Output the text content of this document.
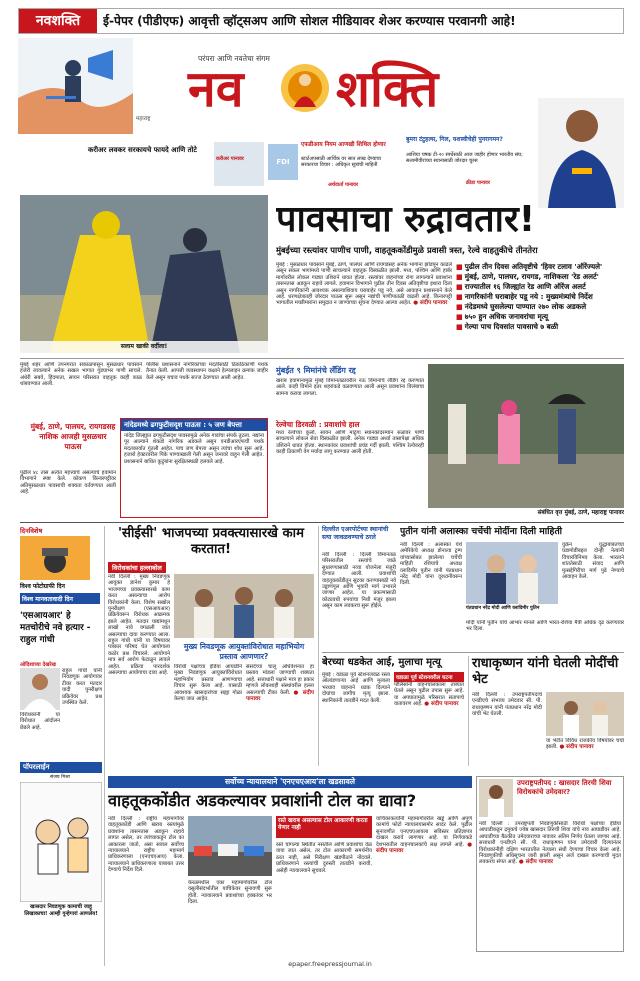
नवशक्ति	ई-पेपर (पीडीएफ) आवृत्ती व्हॉट्सअप आणि सोशल मीडियावर शेअर करण्यास परवानगी आहे!
परंपरा आणि नवतेचा संगम
नव शक्ति
महाराष्ट्र
करीअर लवकर सरकायचे फायदे आणि तोटे
करीअर पानावर	FDI
एफडीआय नियम आणखी शिथिल होणार
स्टार्टअपसाठी आर्थिक वर सात लाख देण्याचा सरकारचा विचार : अधिकृत सूत्रांची माहिती
अर्थवार्ता पानावर
बुमरा टंटुहल्स, गिल, यशस्वीचेही पुनरागमन?
आशिया चषक टी-२० स्पर्धेसाठी आज जाहीर होणार भारतीय संघ; सलामीवीरांच्या स्थानासाठी जोरदार चुरस
क्रीडा पानावर
सलाम खाकी वर्दीला!
पावसाचा रुद्रावतार!
मुंबईच्या रस्त्यांवर पाणीच पाणी, वाहतूककोंडीमुळे प्रवासी त्रस्त, रेल्वे वाहतुकीचे तीनतेरा
मुंबई : मुसळधार पावसाने मुंबई, ठाणे, पालघर आणि रायगडसह अनेक भागांना झोडपून काढले असून सकल भागांमध्ये पाणी साचल्याने वाहतूक विस्कळीत झाली. मध्य, पश्चिम आणि हार्बर मार्गावरील लोकल गाड्या उशिराने धावत होत्या. रस्त्यांवर वाहनांच्या रांगा लागल्याने प्रवाशांना तासनतास अडकून राहावे लागले. हवामान विभागाने पुढील तीन दिवस अतिवृष्टीचा इशारा दिला असून नागरिकांनी आवश्यक असल्याशिवाय घराबाहेर पडू नये, असे आवाहन प्रशासनाने केले आहे. धरणक्षेत्रातही जोरदार पाऊस सुरू असून नद्यांची पाणीपातळी वाढली आहे. किनारपट्टी भागातील मच्छीमारांना समुद्रात न जाण्याच्या सूचना देण्यात आल्या आहेत. ● संदीप पानावर
■ पुढील तीन दिवस अतिवृष्टीचे 'हिवर टलाव 'ऑरेंज्यले'
■ मुंबई, ठाणे, पालघर, रायगड, नाशिकला 'रेड अलर्ट'
■ राज्यातील १६ जिल्ह्यांत रेड आणि ऑरेंज अलर्ट
■ नागरिकांनी घराबाहेर पडू नये : मुख्यमंत्र्यांचे निर्देश
■ नंदेडमध्ये घुसलेल्या पाण्यात २७० लोक अडकले
■ ७५० हुन अधिक जनावरांचा मृत्यू
■ गेल्या पाच दिवसांत पावसाचे ७ बळी
मुंबई शहर आणि उपनगरात सकाळपासून मुसळधार पावसाने हजेरी लावल्याने अनेक सखल भागात गुडघाभर पाणी साचले. अंधेरी सबवे, हिंदमाता, सायन परिसरात वाहतूक काही काळ थांबवण्यात आली.
पोलीस प्रशासनाने नागरिकांच्या मदतीसाठी ठिकठिकाणी पथके तैनात केली. आपत्ती व्यवस्थापन कक्षाने हेल्पलाइन क्रमांक जाहीर केले असून बचाव पथके सज्ज ठेवण्यात आली आहेत.
मुंबई, ठाणे, पालघर, रायगडसह नाशिक आजही मुसळधार पाऊस
पुढील ४८ तास अत्यंत महत्त्वाचे असल्याचे हवामान विभागाने स्पष्ट केले. कोकण किनारपट्टीवर अतिमुसळधार पावसाची शक्यता वर्तवण्यात आली आहे.
नांदेडमध्ये ढगफुटीसदृश पाऊस : ५ जण बेपत्ता
नांदेड जिल्ह्यात ढगफुटीसदृश पावसामुळे अनेक गावांचा संपर्क तुटला. नद्यांना पूर आल्याने शेकडो नागरिक अडकले असून एनडीआरएफची पथके मदतकार्यात गुंतली आहेत. पाच जण बेपत्ता असून त्यांचा शोध सुरू आहे. हजारो हेक्टरवरील पिके पाण्याखाली गेली असून जनावरे वाहून गेली आहेत. प्रशासनाने बाधित कुटुंबांना सुरक्षितस्थळी हलवले आहे.
मुंबईत ९ मिमांनंचे लँडिंग रद्द
खराब हवामानामुळे मुंबई विमानतळावरील नऊ विमानांचे लँडिंग रद्द करण्यात आले. काही विमाने इतर शहरांकडे वळवण्यात आली असून प्रवाशांना विलंबाचा सामना करावा लागला.
रेल्वेचा डिरवळी : प्रवाशांचे हाल
मध्य रेल्वेच्या कुर्ला, सायन आणि माटुंगा स्थानकांदरम्यान रुळांवर पाणी साचल्याने लोकल सेवा विस्कळीत झाली. अनेक गाड्या अर्ध्या तासापेक्षा अधिक उशिराने धावत होत्या. स्थानकांवर प्रवाशांची प्रचंड गर्दी झाली. पश्चिम रेल्वेवरही काही ठिकाणी वेग मर्यादा लागू करण्यात आली होती.
संबंधित वृत्त मुंबई, ठाणे, महाराष्ट्र पानावर
दिनविशेष
विश्व फोटोग्राफी दिन
विश्व मानवतावादी दिन
'एसआयआर' हे मतचोरीचे नवे हत्यार - राहुल गांधी
ओदिशाच्या देखरेख
राहुल गांधी यांनी निवडणूक आयोगावर टीका करत मतदार यादी पुनरीक्षण प्रक्रियेवर प्रश्न उपस्थित केले.
विरोधकांनी या विरोधात आंदोलन छेडले आहे.
पॉपरलाईन
संजय मिश्रा
खासदार निवडणूक कामाची जाहू लिखाकाचा! आम्ही गुन्हेगारां आणलेय!
'सीईसी' भाजपच्या प्रवक्त्यासारखे काम करतात!
विरोधकांचा हल्लाबोल
नवी दिल्ली : मुख्य निवडणूक आयुक्त ज्ञानेश कुमार हे भाजपच्या प्रवक्त्यासारखे काम करत असल्याचा आरोप विरोधकांनी केला. विशेष सखोल पुनरीक्षण (एसआयआर) प्रक्रियेवरून विरोधक आक्रमक झाले आहेत. मतदार याद्यांमधून लाखो नावे वगळली जात असल्याचा दावा करण्यात आला. राहुल गांधी यांनी या विषयावर पत्रकार परिषद घेत आयोगाला कठोर प्रश्न विचारले. आयोगाने मात्र सर्व आरोप फेटाळून लावले आहेत. प्रक्रिया पारदर्शक असल्याचा आयोगाचा दावा आहे.
मुख्य निवडणूक आयुक्तांविरोधात महाभियोग प्रस्ताव आणणार?
विरोधी पक्षांच्या इंडिया आघाडीने मुख्य निवडणूक आयुक्तांविरोधात महाभियोग प्रस्ताव आणण्याचा विचार सुरू केला आहे. यासाठी आवश्यक खासदारांच्या सह्या गोळा केल्या जात आहेत.
संसदेच्या चालू अधिवेशनात हा प्रस्ताव मांडला जाण्याची शक्यता आहे. सत्ताधारी पक्षाने मात्र हा प्रकार म्हणजे लोकशाही संस्थांवरील हल्ला असल्याची टीका केली. ● संदीप पानावर
दिल्लीत एअरपोर्टच्या स्थानांची स्त्या जावळवण्याचे ठरले
नवी दिल्ली : दिल्ली विमानतळ परिसरातील रस्त्यांचे जाळे सुधारण्यासाठी नव्या योजनेला मंजुरी देण्यात आली. प्रवाशांची वाहतूककोंडीतून सुटका करण्यासाठी नवे उड्डाणपूल आणि भुयारी मार्ग उभारले जाणार आहेत. या प्रकल्पासाठी कोट्यवधी रुपयांचा निधी मंजूर झाला असून काम लवकरच सुरू होईल.
पुतीन यांनी अलास्का चर्चेची मोदींना दिली माहिती
नवी दिल्ली : अलास्का येथे अमेरिकेचे अध्यक्ष डोनाल्ड ट्रम्प यांच्यासोबत झालेल्या चर्चेची माहिती रशियाचे अध्यक्ष व्लादिमीर पुतीन यांनी पंतप्रधान नरेंद्र मोदी यांना दूरध्वनीवरून दिली.
पंतप्रधान नरेंद्र मोदी आणि व्लादिमीर पुतिन
युक्रेन युद्धाबाबतच्या घडामोडींबद्दल दोन्ही नेत्यांनी विचारविनिमय केला. भारताने शांततेसाठी संवाद आणि मुत्सद्देगिरीचा मार्ग पुढे नेण्याचे आवाहन केले.
मोदी यांनी पुतीन यांचे आभार मानले आणि भारत-रशिया मैत्री अधिक दृढ करण्यावर भर दिला.
बेरच्या धडकेत आई, मुलाचा मृत्यू
मुंबई : वडाळा पूर्व स्टेशनजवळ रस्ता ओलांडणाऱ्या आई आणि मुलाला भरधाव वाहनाने धडक दिल्याने दोघांचा जागीच मृत्यू झाला. स्थानिकांनी तातडीने मदत केली.
वडाळा पूर्व स्टेशनवरील घटना
पोलिसांनी वाहनचालकाला ताब्यात घेतले असून पुढील तपास सुरू आहे. या अपघातामुळे परिसरात संतापाचे वातावरण आहे. ● संदीप पानावर
राधाकृष्णन यांनी घेतली मोदींची भेट
नवी दिल्ली : उपराष्ट्रपतीपदाचे एनडीएचे संभाव्य उमेदवार सी. पी. राधाकृष्णन यांनी पंतप्रधान नरेंद्र मोदी यांची भेट घेतली.
या भेटीत विविध राजकीय विषयांवर चर्चा झाली. ● संदीप पानावर
सर्वोच्च न्यायालयाने 'एनएचएआय'ला खडसावले
वाहतूककोंडीत अडकल्यावर प्रवाशांनी टोल का द्यावा?
नवी दिल्ली : राष्ट्रीय महामार्गांवर वाहतूककोंडी आणि खराब रस्त्यांमुळे प्रवाशांना तासनतास अडकून राहावे लागत असेल, तर त्यांच्याकडून टोल का आकारला जातो, असा सवाल सर्वोच्च न्यायालयाने राष्ट्रीय महामार्ग प्राधिकरणाला (एनएचएआय) केला. न्यायालयाने प्राधिकरणाला याबाबत उत्तर देण्याचे निर्देश दिले.
केरळमधील एका महामार्गावरील टोल वसुलीसंदर्भातील याचिकेवर सुनावणी सुरू होती. न्यायालयाने प्रवाशांच्या हक्कांवर भर दिला.
रस्ते खराब असल्यास टोल आकारणी करता येणार नाही
रस्ते चांगल्या स्थितीत नसतील आणि प्रवाशांचा वेळ वाया जात असेल, तर टोल आकारणी समर्थनीय ठरत नाही, असे निरीक्षण खंडपीठाने नोंदवले. प्राधिकरणाने रस्त्यांची दुरुस्ती तातडीने करावी, असेही न्यायालयाने सुचवले.
याचिकाकर्त्यांनी महामार्गावरील खड्डे आणि अपूर्ण कामांचे फोटो न्यायालयासमोर सादर केले. पुढील सुनावणीत एनएचएआयला सविस्तर प्रतिज्ञापत्र दाखल करावे लागणार आहे. या निर्णयाकडे देशभरातील वाहनचालकांचे लक्ष लागले आहे. ● संदीप पानावर
उपराष्ट्रपतीपद : खासदार तिरची शिवा विरोधकांचे उमेदवार?
नवी दिल्ली : उपराष्ट्रपती निवडणुकीसाठी विरोधी पक्षांच्या इंडिया आघाडीकडून द्रमुकचे ज्येष्ठ खासदार तिरुची शिवा यांचे नाव आघाडीवर आहे. आघाडीच्या बैठकीत उमेदवाराच्या नावावर अंतिम निर्णय घेतला जाणार आहे. सत्ताधारी एनडीएने सी. पी. राधाकृष्णन यांना उमेदवारी दिल्यानंतर विरोधकांनीही दक्षिण भारतातील नेत्याला संधी देण्याचा विचार केला आहे. निवडणुकीची अधिसूचना जारी झाली असून अर्ज दाखल करण्याची मुदत लवकरच संपत आहे. ● संदीप पानावर
epaper.freepressjournal.in
